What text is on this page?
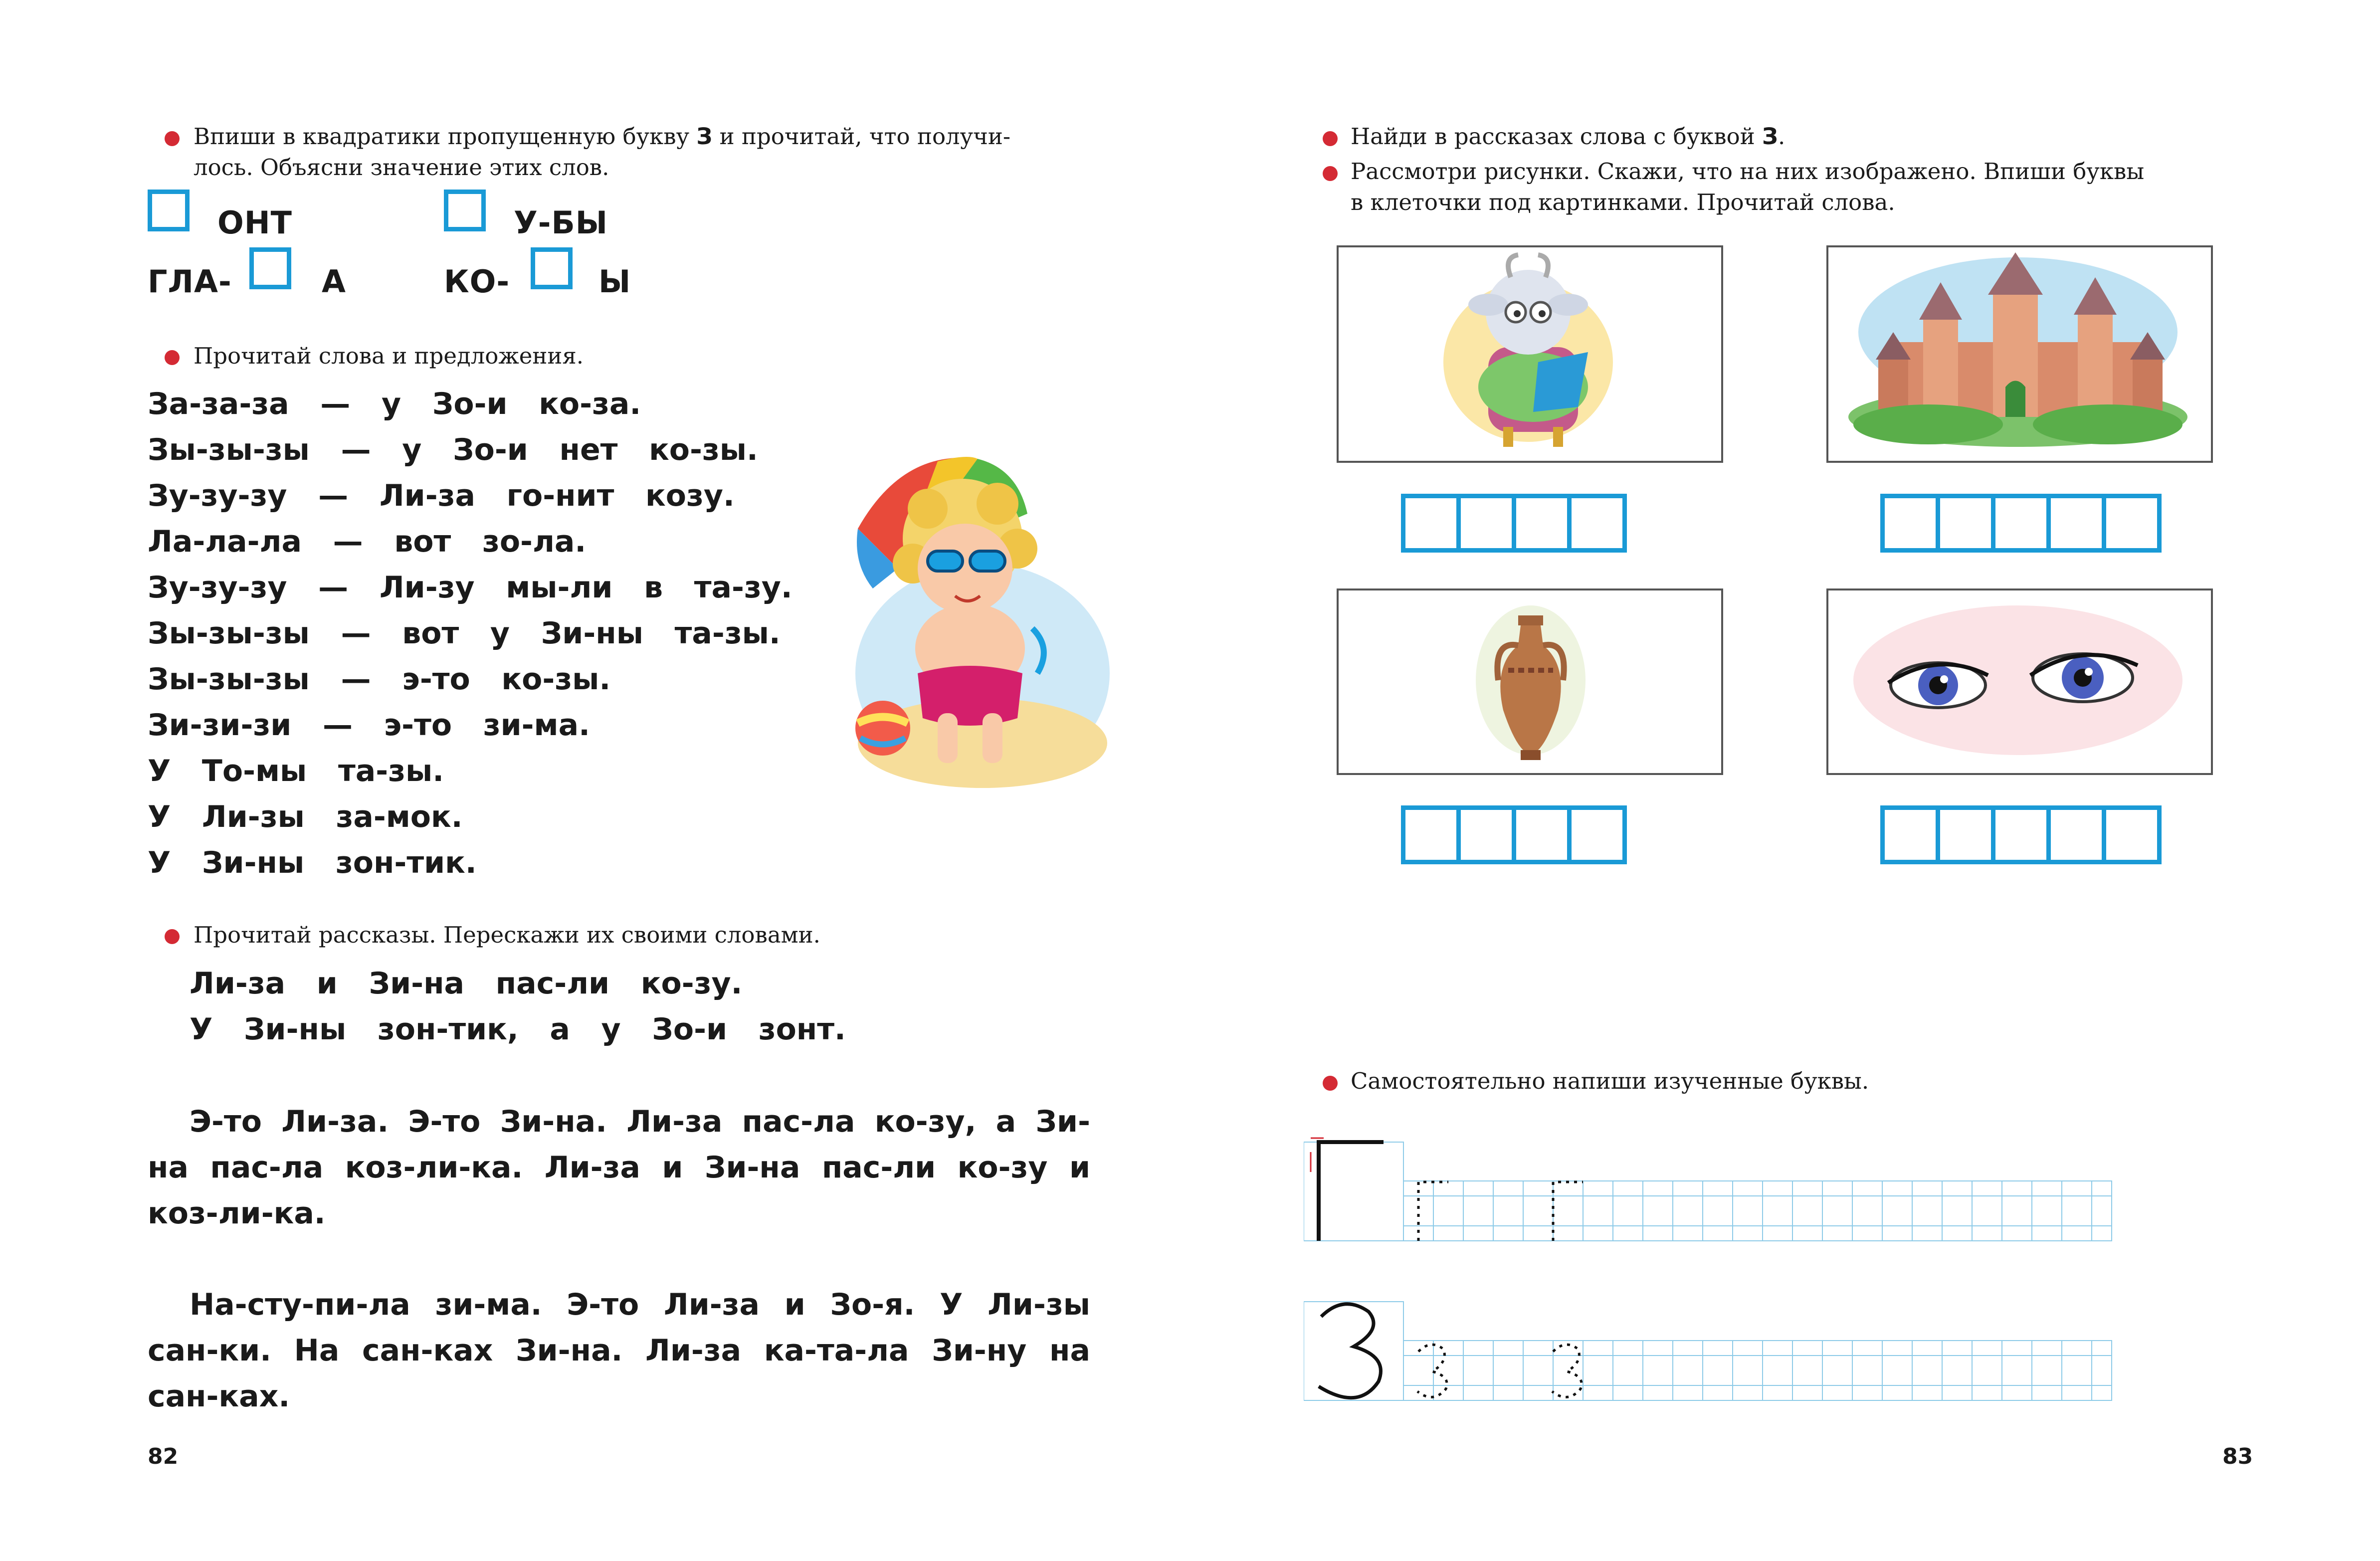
Впиши в квадратики пропущенную букву З и прочитай, что получи-
лось. Объясни значение этих слов.
ОНТ	У-БЫ
ГЛА-	А	КО-	Ы
Прочитай слова и предложения.
За-за-за   —   у   Зо-и   ко-за.
Зы-зы-зы   —   у   Зо-и   нет   ко-зы.
Зу-зу-зу   —   Ли-за   го-нит   козу.
Ла-ла-ла   —   вот   зо-ла.
Зу-зу-зу   —   Ли-зу   мы-ли   в   та-зу.
Зы-зы-зы   —   вот   у   Зи-ны   та-зы.
Зы-зы-зы   —   э-то   ко-зы.
Зи-зи-зи   —   э-то   зи-ма.
У   То-мы   та-зы.
У   Ли-зы   за-мок.
У   Зи-ны   зон-тик.
Прочитай рассказы. Перескажи их своими словами.
Ли-за   и   Зи-на   пас-ли   ко-зу.
У   Зи-ны   зон-тик,   а   у   Зо-и   зонт.
Э-то Ли-за. Э-то Зи-на. Ли-за пас-ла ко-зу, а Зи-на пас-ла коз-ли-ка. Ли-за и Зи-на пас-ли ко-зу и коз-ли-ка.
На-сту-пи-ла зи-ма. Э-то Ли-за и Зо-я. У Ли-зы сан-ки. На сан-ках Зи-на. Ли-за ка-та-ла Зи-ну на сан-ках.
82
Найди в рассказах слова с буквой З.
Рассмотри рисунки. Скажи, что на них изображено. Впиши буквы
в клеточки под картинками. Прочитай слова.
Самостоятельно напиши изученные буквы.
83
